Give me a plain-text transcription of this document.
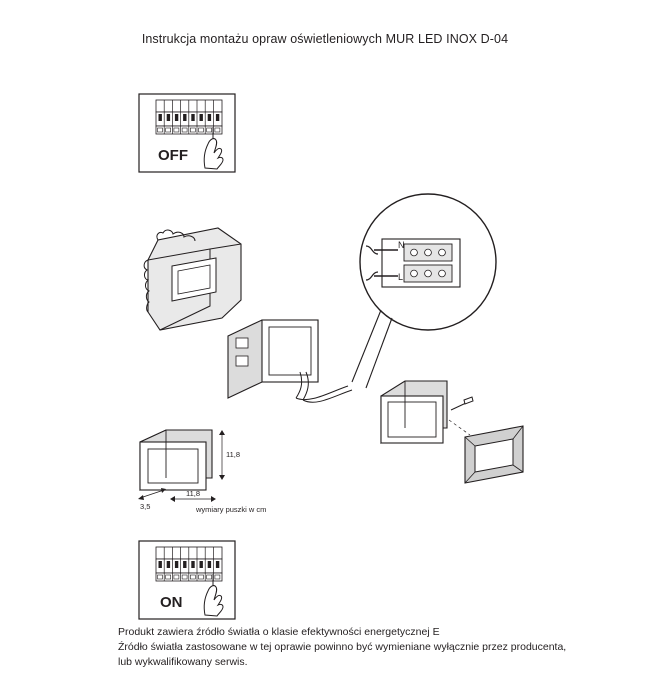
Instrukcja montażu opraw oświetleniowych MUR LED INOX D-04
OFF
N
L
11,8
11,8
3,5
ON
wymiary puszki w cm
Produkt zawiera źródło światła o klasie efektywności energetycznej E
Źródło światła zastosowane w tej oprawie powinno być wymieniane wyłącznie przez producenta,
lub wykwalifikowany serwis.
